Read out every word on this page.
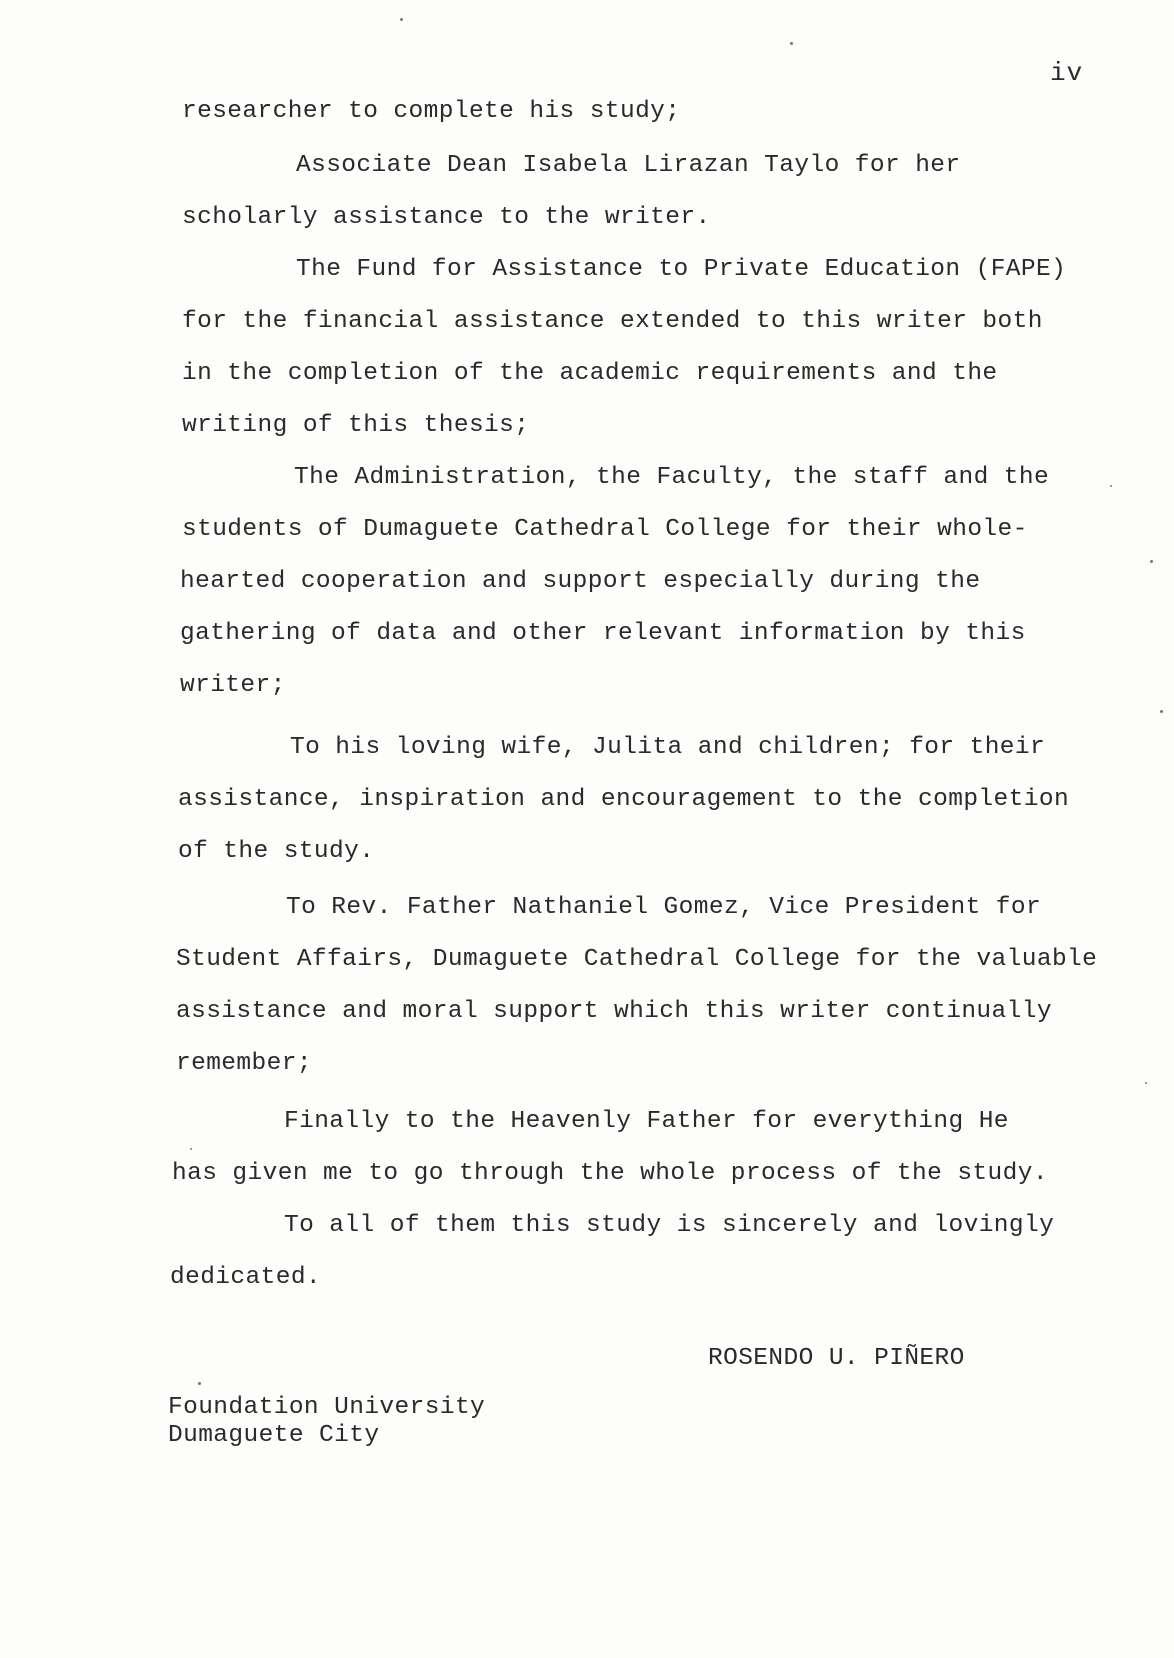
iv
researcher to complete his study;
Associate Dean Isabela Lirazan Taylo for her
scholarly assistance to the writer.
The Fund for Assistance to Private Education (FAPE)
for the financial assistance extended to this writer both
in the completion of the academic requirements and the
writing of this thesis;
The Administration, the Faculty, the staff and the
students of Dumaguete Cathedral College for their whole-
hearted cooperation and support especially during the
gathering of data and other relevant information by this
writer;
To his loving wife, Julita and children; for their
assistance, inspiration and encouragement to the completion
of the study.
To Rev. Father Nathaniel Gomez, Vice President for
Student Affairs, Dumaguete Cathedral College for the valuable
assistance and moral support which this writer continually
remember;
Finally to the Heavenly Father for everything He
has given me to go through the whole process of the study.
To all of them this study is sincerely and lovingly
dedicated.
ROSENDO U. PIÑERO
Foundation University
Dumaguete City
